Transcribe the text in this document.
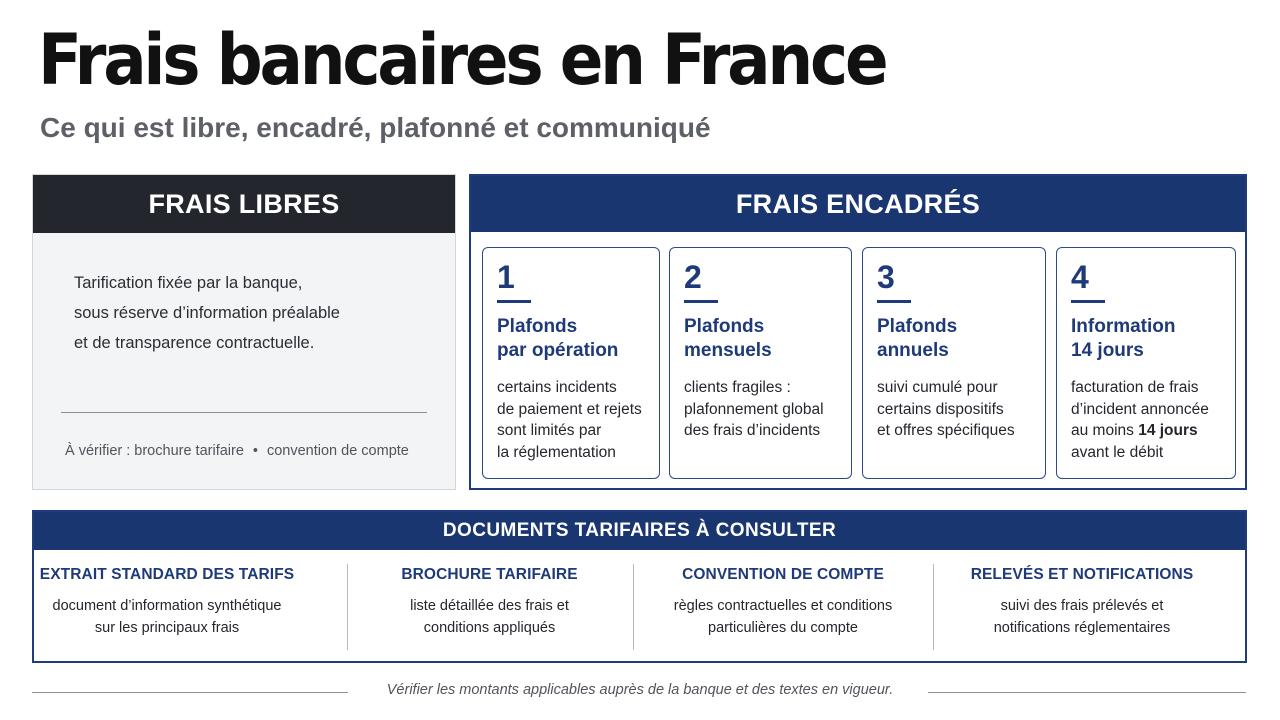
Frais bancaires en France
Ce qui est libre, encadré, plafonné et communiqué
FRAIS LIBRES
Tarification fixée par la banque,
sous réserve d’information préalable
et de transparence contractuelle.
À vérifier : brochure tarifaire • convention de compte
FRAIS ENCADRÉS
1
Plafonds
par opération
certains incidents
de paiement et rejets
sont limités par
la réglementation
2
Plafonds
mensuels
clients fragiles :
plafonnement global
des frais d’incidents
3
Plafonds
annuels
suivi cumulé pour
certains dispositifs
et offres spécifiques
4
Information
14 jours
facturation de frais
d’incident annoncée
au moins 14 jours
avant le débit
DOCUMENTS TARIFAIRES À CONSULTER
EXTRAIT STANDARD DES TARIFS
document d’information synthétique
sur les principaux frais
BROCHURE TARIFAIRE
liste détaillée des frais et
conditions appliqués
CONVENTION DE COMPTE
règles contractuelles et conditions
particulières du compte
RELEVÉS ET NOTIFICATIONS
suivi des frais prélevés et
notifications réglementaires
Vérifier les montants applicables auprès de la banque et des textes en vigueur.
